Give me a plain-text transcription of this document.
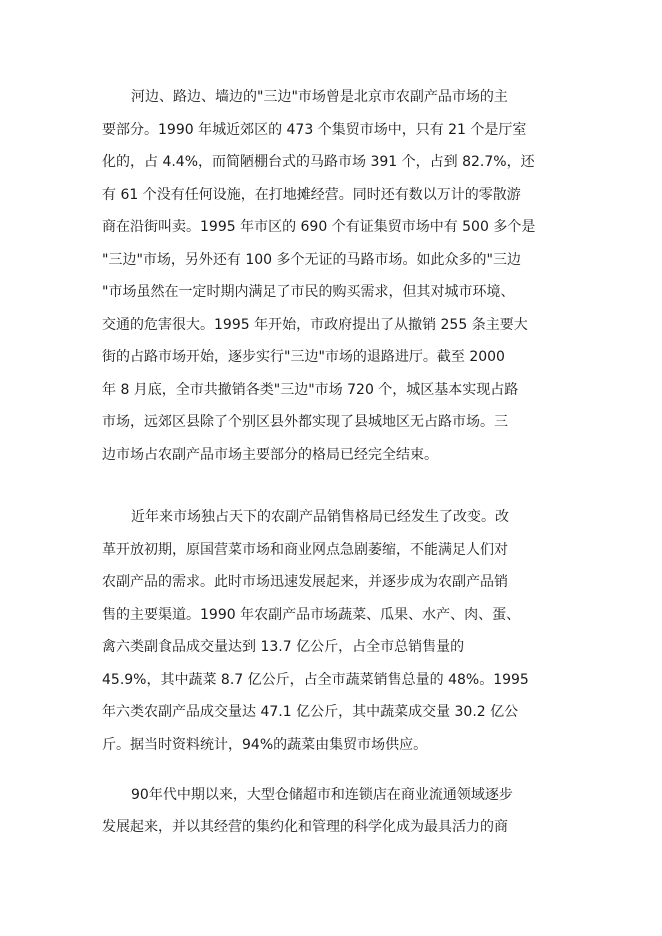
河边、路边、墙边的"三边"市场曾是北京市农副产品市场的主
要部分。1990 年城近郊区的 473 个集贸市场中，只有 21 个是厅室
化的，占 4.4%，而简陋棚台式的马路市场 391 个，占到 82.7%，还
有 61 个没有任何设施，在打地摊经营。同时还有数以万计的零散游
商在沿街叫卖。1995 年市区的 690 个有证集贸市场中有 500 多个是
"三边"市场，另外还有 100 多个无证的马路市场。如此众多的"三边
"市场虽然在一定时期内满足了市民的购买需求，但其对城市环境、
交通的危害很大。1995 年开始，市政府提出了从撤销 255 条主要大
街的占路市场开始，逐步实行"三边"市场的退路进厅。截至 2000
年 8 月底，全市共撤销各类"三边"市场 720 个，城区基本实现占路
市场，远郊区县除了个别区县外都实现了县城地区无占路市场。三
边市场占农副产品市场主要部分的格局已经完全结束。
近年来市场独占天下的农副产品销售格局已经发生了改变。改
革开放初期，原国营菜市场和商业网点急剧萎缩，不能满足人们对
农副产品的需求。此时市场迅速发展起来，并逐步成为农副产品销
售的主要渠道。1990 年农副产品市场蔬菜、瓜果、水产、肉、蛋、
禽六类副食品成交量达到 13.7 亿公斤，占全市总销售量的
45.9%，其中蔬菜 8.7 亿公斤，占全市蔬菜销售总量的 48%。1995
年六类农副产品成交量达 47.1 亿公斤，其中蔬菜成交量 30.2 亿公
斤。据当时资料统计，94%的蔬菜由集贸市场供应。
90年代中期以来，大型仓储超市和连锁店在商业流通领域逐步
发展起来，并以其经营的集约化和管理的科学化成为最具活力的商
